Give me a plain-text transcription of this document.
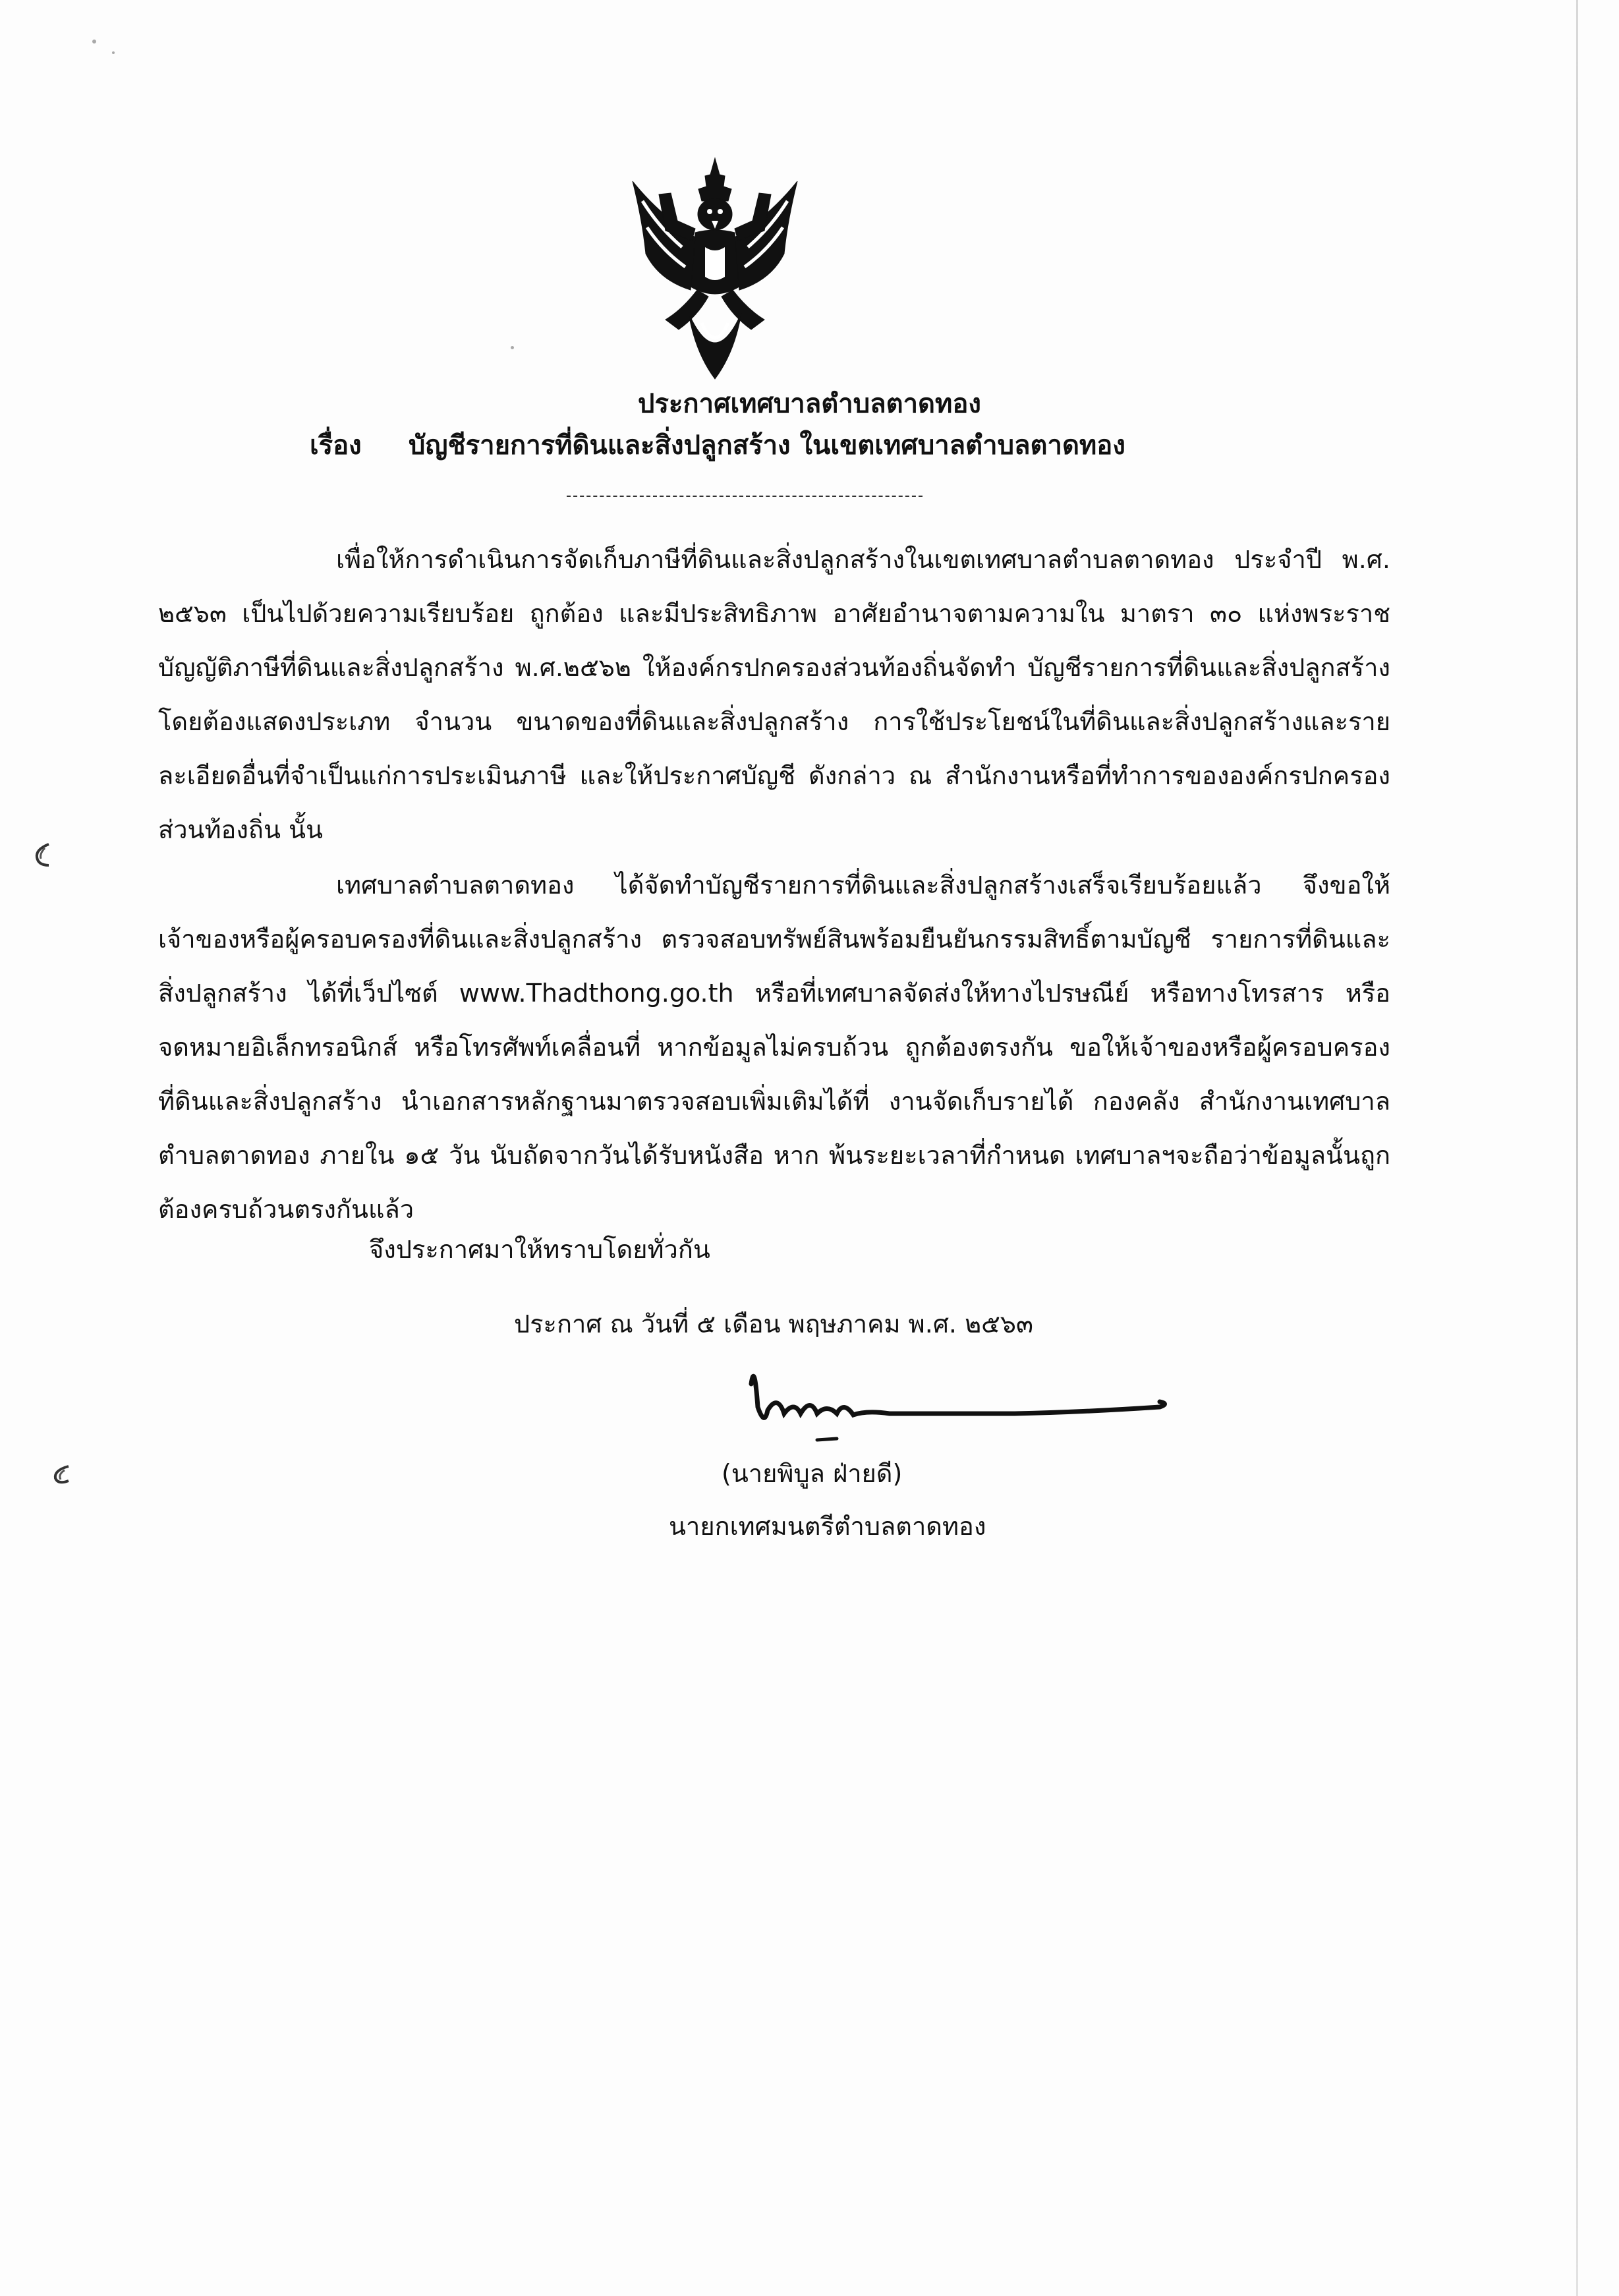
ประกาศเทศบาลตำบลตาดทอง
เรื่อง บัญชีรายการที่ดินและสิ่งปลูกสร้าง ในเขตเทศบาลตำบลตาดทอง
เพื่อให้การดำเนินการจัดเก็บภาษีที่ดินและสิ่งปลูกสร้างในเขตเทศบาลตำบลตาดทอง ประจำปี พ.ศ. ๒๕๖๓ เป็นไปด้วยความเรียบร้อย ถูกต้อง และมีประสิทธิภาพ อาศัยอำนาจตามความใน มาตรา ๓๐ แห่งพระราชบัญญัติภาษีที่ดินและสิ่งปลูกสร้าง พ.ศ.๒๕๖๒ ให้องค์กรปกครองส่วนท้องถิ่นจัดทำ บัญชีรายการที่ดินและสิ่งปลูกสร้าง โดยต้องแสดงประเภท จำนวน ขนาดของที่ดินและสิ่งปลูกสร้าง การใช้ประโยชน์ในที่ดินและสิ่งปลูกสร้างและรายละเอียดอื่นที่จำเป็นแก่การประเมินภาษี และให้ประกาศบัญชี ดังกล่าว ณ สำนักงานหรือที่ทำการขององค์กรปกครองส่วนท้องถิ่น นั้น
เทศบาลตำบลตาดทอง ได้จัดทำบัญชีรายการที่ดินและสิ่งปลูกสร้างเสร็จเรียบร้อยแล้ว จึงขอให้เจ้าของหรือผู้ครอบครองที่ดินและสิ่งปลูกสร้าง ตรวจสอบทรัพย์สินพร้อมยืนยันกรรมสิทธิ์ตามบัญชี รายการที่ดินและสิ่งปลูกสร้าง ได้ที่เว็ปไซต์ www.Thadthong.go.th หรือที่เทศบาลจัดส่งให้ทางไปรษณีย์ หรือทางโทรสาร หรือจดหมายอิเล็กทรอนิกส์ หรือโทรศัพท์เคลื่อนที่ หากข้อมูลไม่ครบถ้วน ถูกต้องตรงกัน ขอให้เจ้าของหรือผู้ครอบครองที่ดินและสิ่งปลูกสร้าง นำเอกสารหลักฐานมาตรวจสอบเพิ่มเติมได้ที่ งานจัดเก็บรายได้ กองคลัง สำนักงานเทศบาลตำบลตาดทอง ภายใน ๑๕ วัน นับถัดจากวันได้รับหนังสือ หาก พ้นระยะเวลาที่กำหนด เทศบาลฯจะถือว่าข้อมูลนั้นถูกต้องครบถ้วนตรงกันแล้ว
จึงประกาศมาให้ทราบโดยทั่วกัน
ประกาศ ณ วันที่ ๕ เดือน พฤษภาคม พ.ศ. ๒๕๖๓
(นายพิบูล ฝ่ายดี)
นายกเทศมนตรีตำบลตาดทอง
